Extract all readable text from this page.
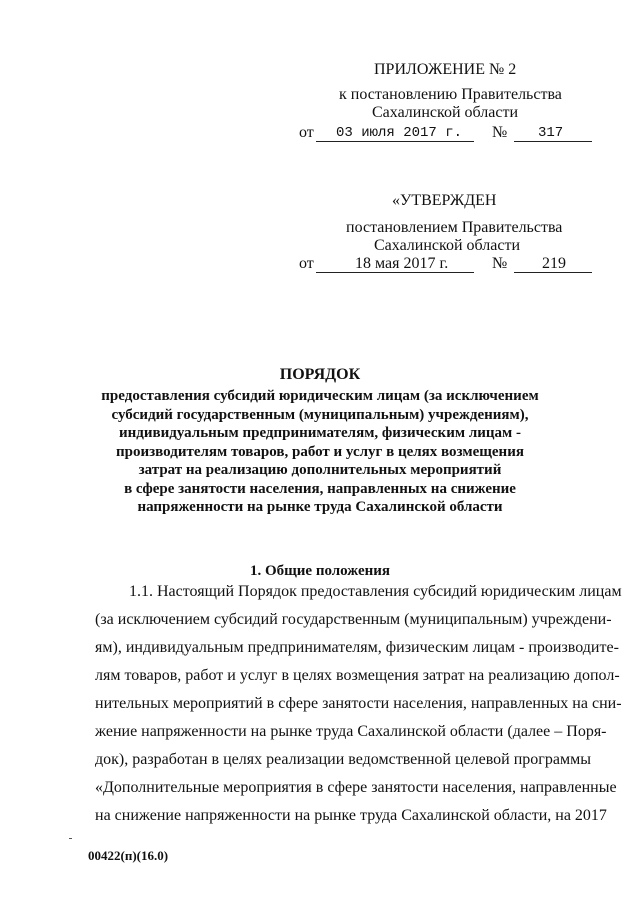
ПРИЛОЖЕНИЕ № 2
к постановлению Правительства
Сахалинской области
от 03 июля 2017 г. № 317
«УТВЕРЖДЕН
постановлением Правительства
Сахалинской области
от	18 мая 2017 г.	№ 219
ПОРЯДОК
предоставления субсидий юридическим лицам (за исключением
субсидий государственным (муниципальным) учреждениям),
индивидуальным предпринимателям, физическим лицам -
производителям товаров, работ и услуг в целях возмещения
затрат на реализацию дополнительных мероприятий
в сфере занятости населения, направленных на снижение
напряженности на рынке труда Сахалинской области
1. Общие положения
1.1. Настоящий Порядок предоставления субсидий юридическим лицам
(за исключением субсидий государственным (муниципальным) учреждени-
ям), индивидуальным предпринимателям, физическим лицам - производите-
лям товаров, работ и услуг в целях возмещения затрат на реализацию допол-
нительных мероприятий в сфере занятости населения, направленных на сни-
жение напряженности на рынке труда Сахалинской области (далее – Поря-
док), разработан в целях реализации ведомственной целевой программы
«Дополнительные мероприятия в сфере занятости населения, направленные
на снижение напряженности на рынке труда Сахалинской области, на 2017
00422(п)(16.0)
